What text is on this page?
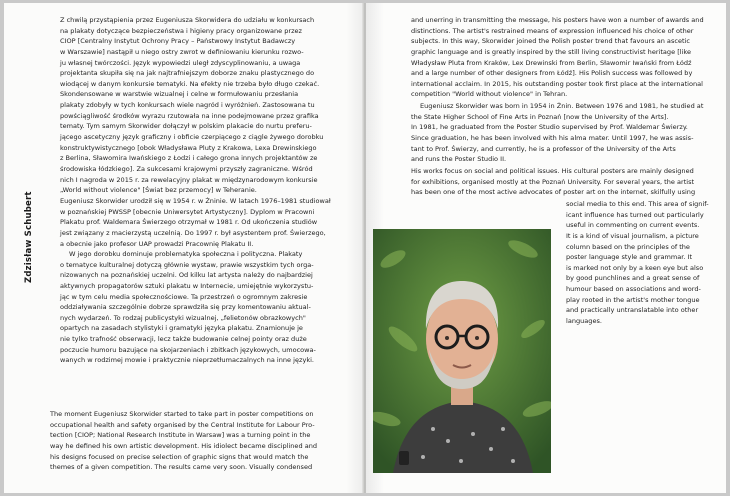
Zdzisław Schubert
Z chwilą przystąpienia przez Eugeniusza Skorwidera do udziału w konkursach
na plakaty dotyczące bezpieczeństwa i higieny pracy organizowane przez
CIOP [Centralny Instytut Ochrony Pracy – Państwowy Instytut Badawczy
w Warszawie] nastąpił u niego ostry zwrot w definiowaniu kierunku rozwo-
ju własnej twórczości. Język wypowiedzi uległ zdyscyplinowaniu, a uwaga
projektanta skupiła się na jak najtrafniejszym doborze znaku plastycznego do
wiodącej w danym konkursie tematyki. Na efekty nie trzeba było długo czekać.
Skondensowane w warstwie wizualnej i celne w formułowaniu przesłania
plakaty zdobyły w tych konkursach wiele nagród i wyróżnień. Zastosowana tu
powściągliwość środków wyrazu rzutowała na inne podejmowane przez grafika
tematy. Tym samym Skorwider dołączył w polskim plakacie do nurtu preferu-
jącego ascetyczny język graficzny i obficie czerpiącego z ciągle żywego dorobku
konstruktywistycznego [obok Władysława Pluty z Krakowa, Lexa Drewinskiego
z Berlina, Sławomira Iwańskiego z Łodzi i całego grona innych projektantów ze
środowiska łódzkiego]. Za sukcesami krajowymi przyszły zagraniczne. Wśród
nich I nagroda w 2015 r. za rewelacyjny plakat w międzynarodowym konkursie
„World without violence" [Świat bez przemocy] w Teheranie.
Eugeniusz Skorwider urodził się w 1954 r. w Żninie. W latach 1976–1981 studiował
w poznańskiej PWSSP [obecnie Uniwersytet Artystyczny]. Dyplom w Pracowni
Plakatu prof. Waldemara Świerzego otrzymał w 1981 r. Od ukończenia studiów
jest związany z macierzystą uczelnią. Do 1997 r. był asystentem prof. Świerzego,
a obecnie jako profesor UAP prowadzi Pracownię Plakatu II.
W jego dorobku dominuje problematyka społeczna i polityczna. Plakaty
o tematyce kulturalnej dotyczą głównie wystaw, prawie wszystkim tych orga-
nizowanych na poznańskiej uczelni. Od kilku lat artysta należy do najbardziej
aktywnych propagatorów sztuki plakatu w Internecie, umiejętnie wykorzystu-
jąc w tym celu media społecznościowe. Ta przestrzeń o ogromnym zakresie
oddziaływania szczególnie dobrze sprawdziła się przy komentowaniu aktual-
nych wydarzeń. To rodzaj publicystyki wizualnej, „felietonów obrazkowych"
opartych na zasadach stylistyki i gramatyki języka plakatu. Znamionuje je
nie tylko trafność obserwacji, lecz także budowanie celnej pointy oraz duże
poczucie humoru bazujące na skojarzeniach i zbitkach językowych, umocowa-
wanych w rodzimej mowie i praktycznie nieprzetłumaczalnych na inne języki.
The moment Eugeniusz Skorwider started to take part in poster competitions on
occupational health and safety organised by the Central Institute for Labour Pro-
tection [CIOP; National Research Institute in Warsaw] was a turning point in the
way he defined his own artistic development. His idiolect became disciplined and
his designs focused on precise selection of graphic signs that would match the
themes of a given competition. The results came very soon. Visually condensed
and unerring in transmitting the message, his posters have won a number of awards and
distinctions. The artist's restrained means of expression influenced his choice of other
subjects. In this way, Skorwider joined the Polish poster trend that favours an ascetic
graphic language and is greatly inspired by the still living constructivist heritage [like
Władysław Pluta from Kraków, Lex Drewinski from Berlin, Sławomir Iwański from Łódź
and a large number of other designers from Łódź]. His Polish success was followed by
international acclaim. In 2015, his outstanding poster took first place at the international
competition "World without violence" in Tehran.
Eugeniusz Skorwider was born in 1954 in Żnin. Between 1976 and 1981, he studied at
the State Higher School of Fine Arts in Poznań [now the University of the Arts].
In 1981, he graduated from the Poster Studio supervised by Prof. Waldemar Świerzy.
Since graduation, he has been involved with his alma mater. Until 1997, he was assis-
tant to Prof. Świerzy, and currently, he is a professor of the University of the Arts
and runs the Poster Studio II.
His works focus on social and political issues. His cultural posters are mainly designed
for exhibitions, organised mostly at the Poznań University. For several years, the artist
has been one of the most active advocates of poster art on the internet, skilfully using
social media to this end. This area of signif-
icant influence has turned out particularly
useful in commenting on current events.
It is a kind of visual journalism, a picture
column based on the principles of the
poster language style and grammar. It
is marked not only by a keen eye but also
by good punchlines and a great sense of
humour based on associations and word-
play rooted in the artist's mother tongue
and practically untranslatable into other
languages.
